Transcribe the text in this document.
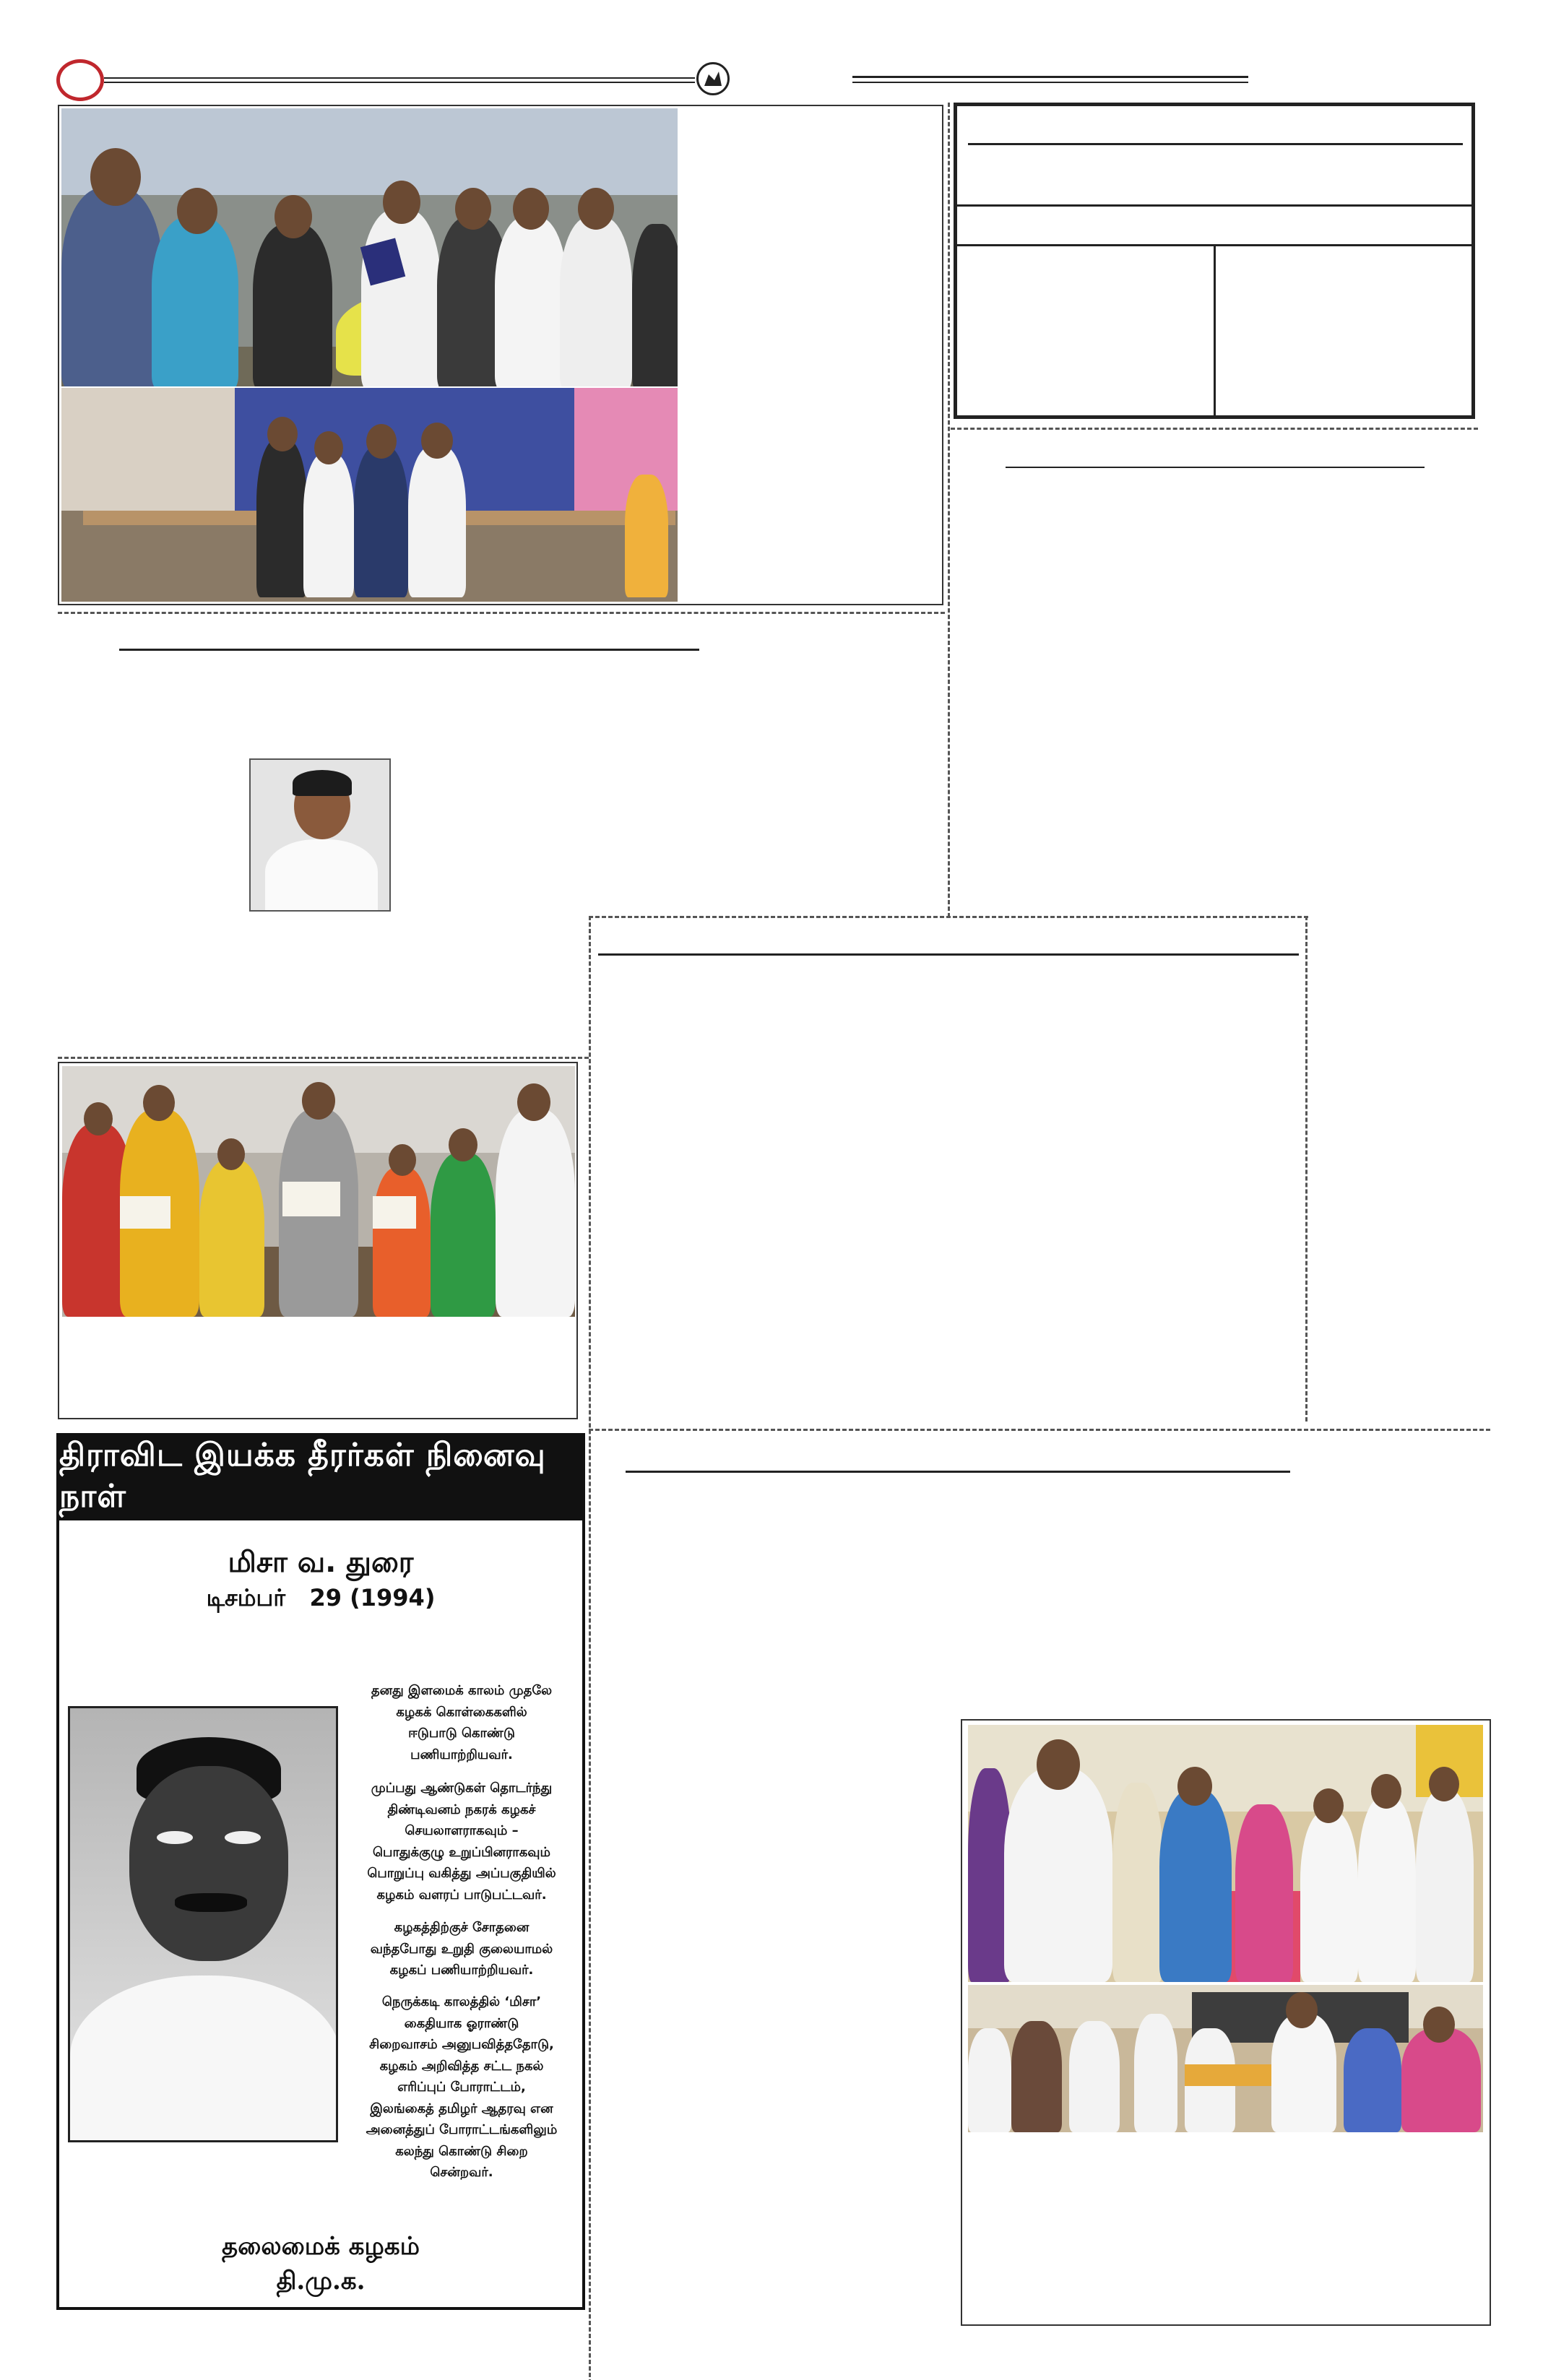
திராவிட இயக்க தீரர்கள் நினைவு நாள்
மிசா வ. துரை
டிசம்பர்   29 (1994)
தனது இளமைக் காலம் முதலே
கழகக் கொள்கைகளில்
ஈடுபாடு கொண்டு
பணியாற்றியவர்.
முப்பது ஆண்டுகள் தொடர்ந்து
திண்டிவனம் நகரக் கழகச்
செயலாளராகவும் –
பொதுக்குழு உறுப்பினராகவும்
பொறுப்பு வகித்து அப்பகுதியில்
கழகம் வளரப் பாடுபட்டவர்.
கழகத்திற்குச் சோதனை
வந்தபோது உறுதி குலையாமல்
கழகப் பணியாற்றியவர்.
நெருக்கடி காலத்தில் ‘மிசா’
கைதியாக ஓராண்டு
சிறைவாசம் அனுபவித்ததோடு,
கழகம் அறிவித்த சட்ட நகல்
எரிப்புப் போராட்டம்,
இலங்கைத் தமிழர் ஆதரவு என
அனைத்துப் போராட்டங்களிலும்
கலந்து கொண்டு சிறை
சென்றவர்.
தலைமைக் கழகம்
தி.மு.க.
